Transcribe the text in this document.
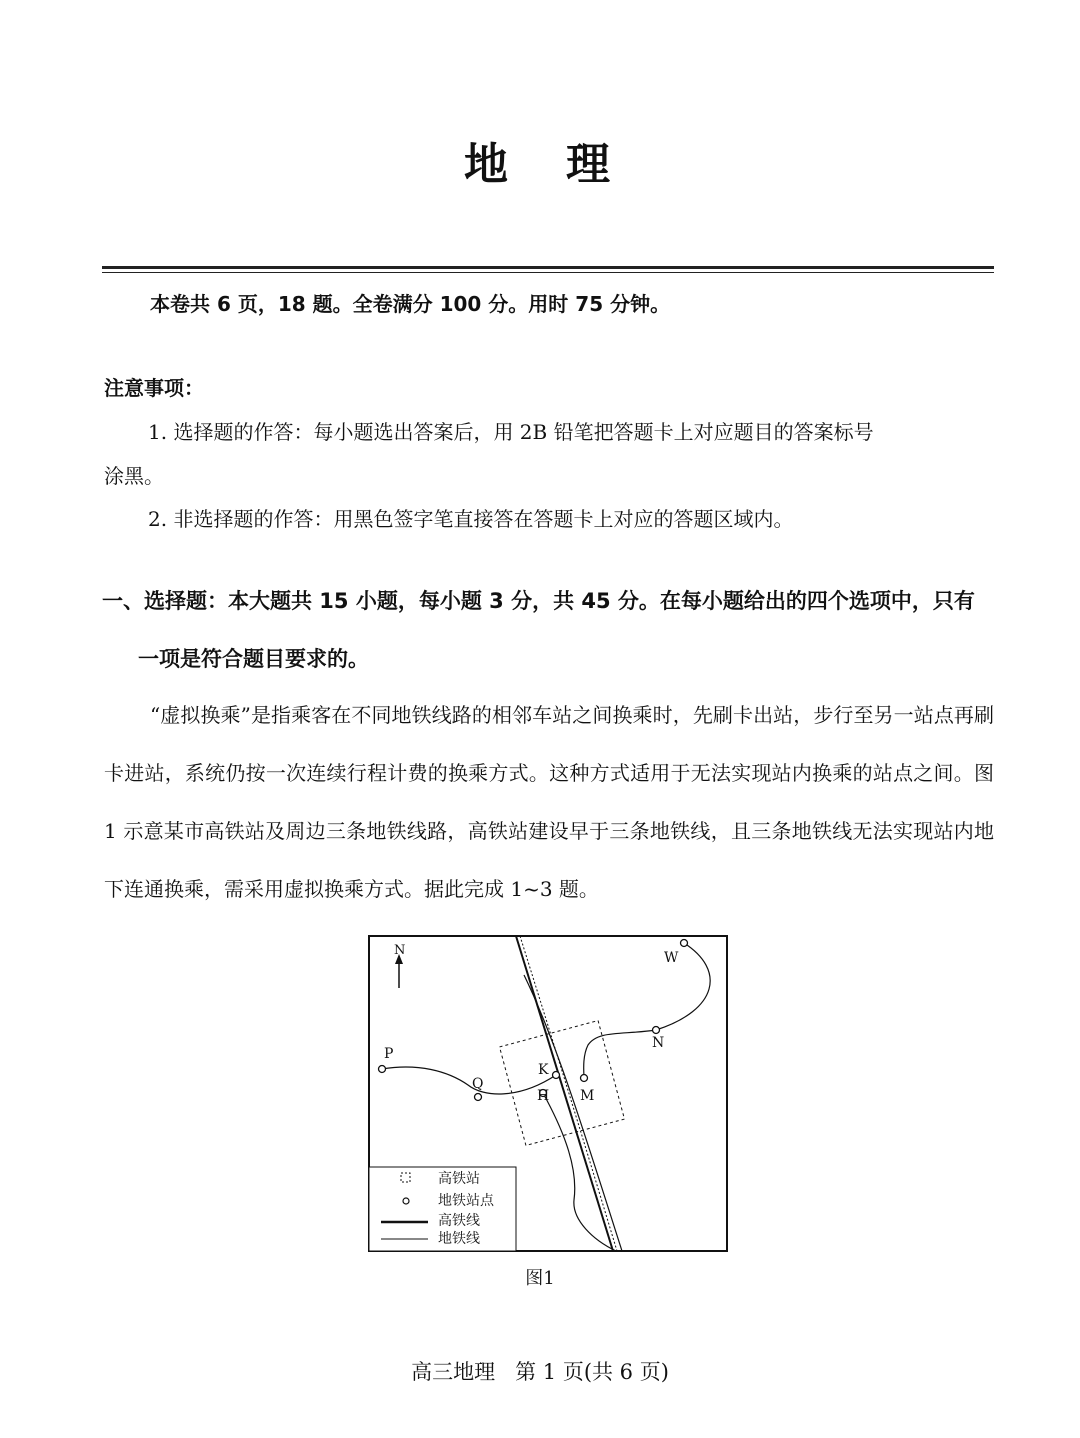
地 理
本卷共 6 页，18 题。全卷满分 100 分。用时 75 分钟。
注意事项：
1. 选择题的作答：每小题选出答案后，用 2B 铅笔把答题卡上对应题目的答案标号
涂黑。
2. 非选择题的作答：用黑色签字笔直接答在答题卡上对应的答题区域内。
一、选择题：本大题共 15 小题，每小题 3 分，共 45 分。在每小题给出的四个选项中，只有
一项是符合题目要求的。
“虚拟换乘”是指乘客在不同地铁线路的相邻车站之间换乘时，先刷卡出站，步行至另一站点再刷卡进站，系统仍按一次连续行程计费的换乘方式。这种方式适用于无法实现站内换乘的站点之间。图 1 示意某市高铁站及周边三条地铁线路，高铁站建设早于三条地铁线，且三条地铁线无法实现站内地下连通换乘，需采用虚拟换乘方式。据此完成 1~3 题。
N	W
N
P
Q
K
H M
高铁站
地铁站点
高铁线
地铁线
图1
高三地理   第 1 页(共 6 页)
